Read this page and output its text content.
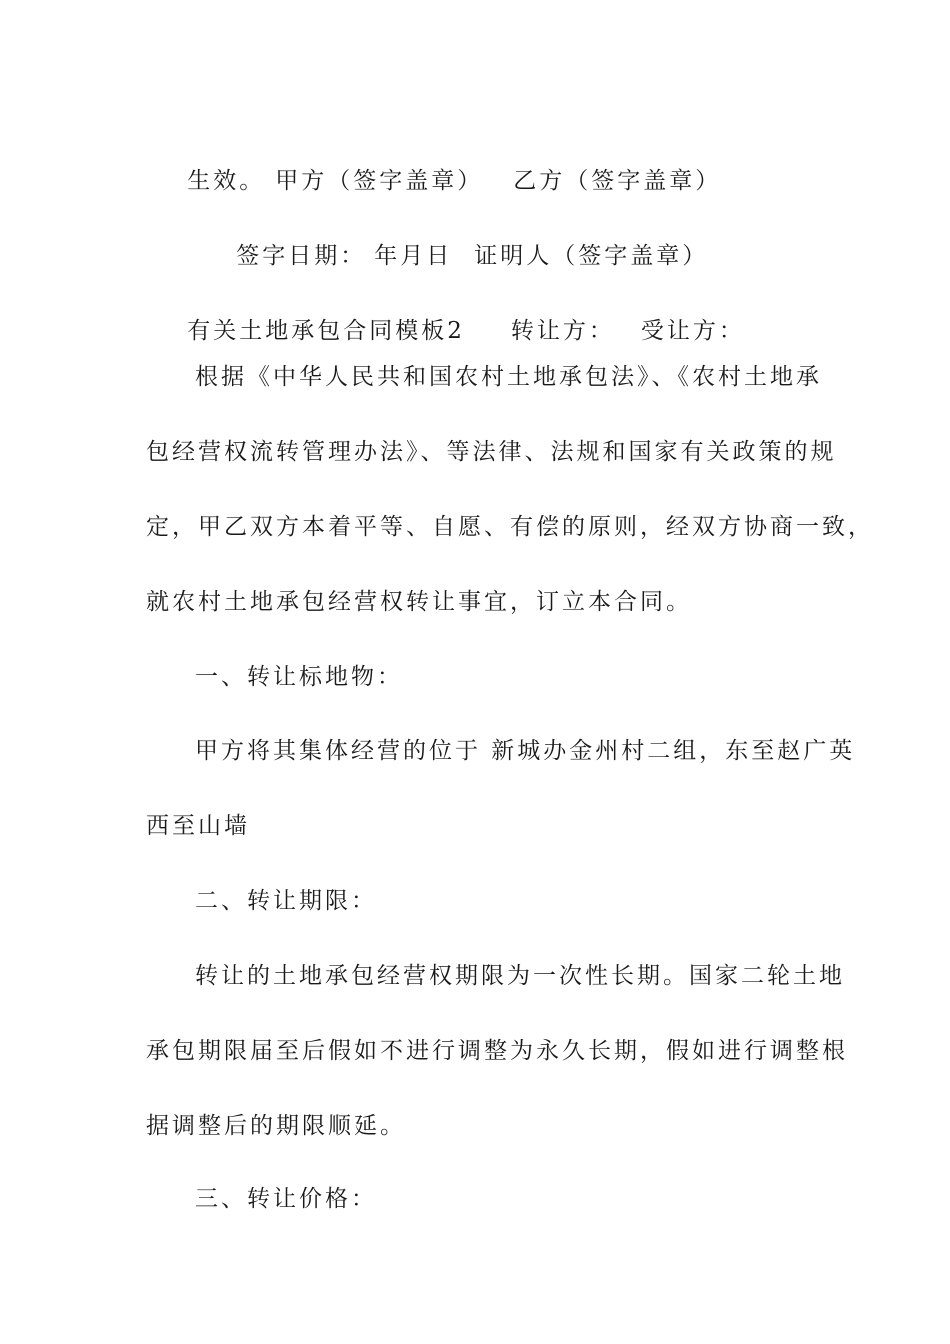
生效。 甲方（签字盖章） 乙方（签字盖章）

签字日期： 年月日 证明人（签字盖章）

有关土地承包合同模板2 转让方： 受让方：

根据《中华人民共和国农村土地承包法》、《农村土地承
包经营权流转管理办法》、等法律、法规和国家有关政策的规
定，甲乙双方本着平等、自愿、有偿的原则，经双方协商一致，
就农村土地承包经营权转让事宜，订立本合同。
一、转让标地物：
甲方将其集体经营的位于 新城办金州村二组，东至赵广英
西至山墙
二、转让期限：
转让的土地承包经营权期限为一次性长期。国家二轮土地
承包期限届至后假如不进行调整为永久长期，假如进行调整根
据调整后的期限顺延。
三、转让价格：
